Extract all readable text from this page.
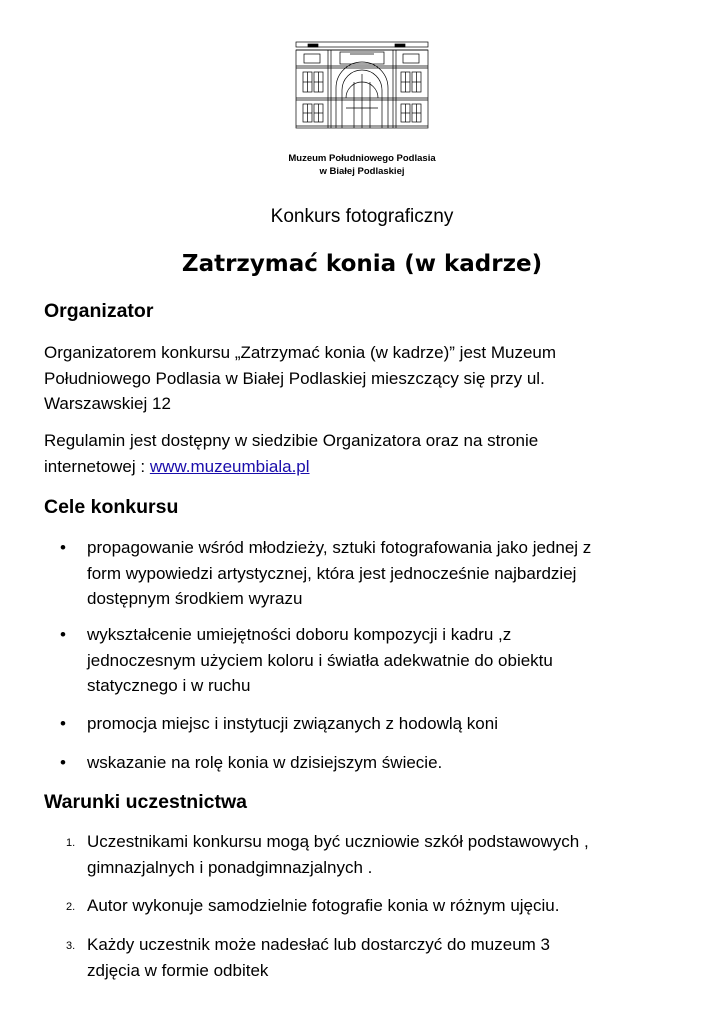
Muzeum Południowego Podlasia
w Białej Podlaskiej
Konkurs fotograficzny
Zatrzymać konia (w kadrze)
Organizator
Organizatorem konkursu „Zatrzymać konia (w kadrze)” jest Muzeum
Południowego Podlasia w Białej Podlaskiej mieszczący się przy ul.
Warszawskiej 12
Regulamin jest dostępny w siedzibie Organizatora oraz na stronie
internetowej : www.muzeumbiala.pl
Cele konkursu
•	propagowanie wśród młodzieży, sztuki fotografowania jako jednej z
form wypowiedzi artystycznej, która jest jednocześnie najbardziej
dostępnym środkiem wyrazu
•	wykształcenie umiejętności doboru kompozycji i kadru ,z
jednoczesnym użyciem koloru i światła adekwatnie do obiektu
statycznego i w ruchu
•	promocja miejsc i instytucji związanych z hodowlą koni
•	wskazanie na rolę konia w dzisiejszym świecie.
Warunki uczestnictwa
1. Uczestnikami konkursu mogą być uczniowie szkół podstawowych ,
gimnazjalnych i ponadgimnazjalnych .
2. Autor wykonuje samodzielnie fotografie konia w różnym ujęciu.
3. Każdy uczestnik może nadesłać lub dostarczyć do muzeum 3
zdjęcia w formie odbitek
